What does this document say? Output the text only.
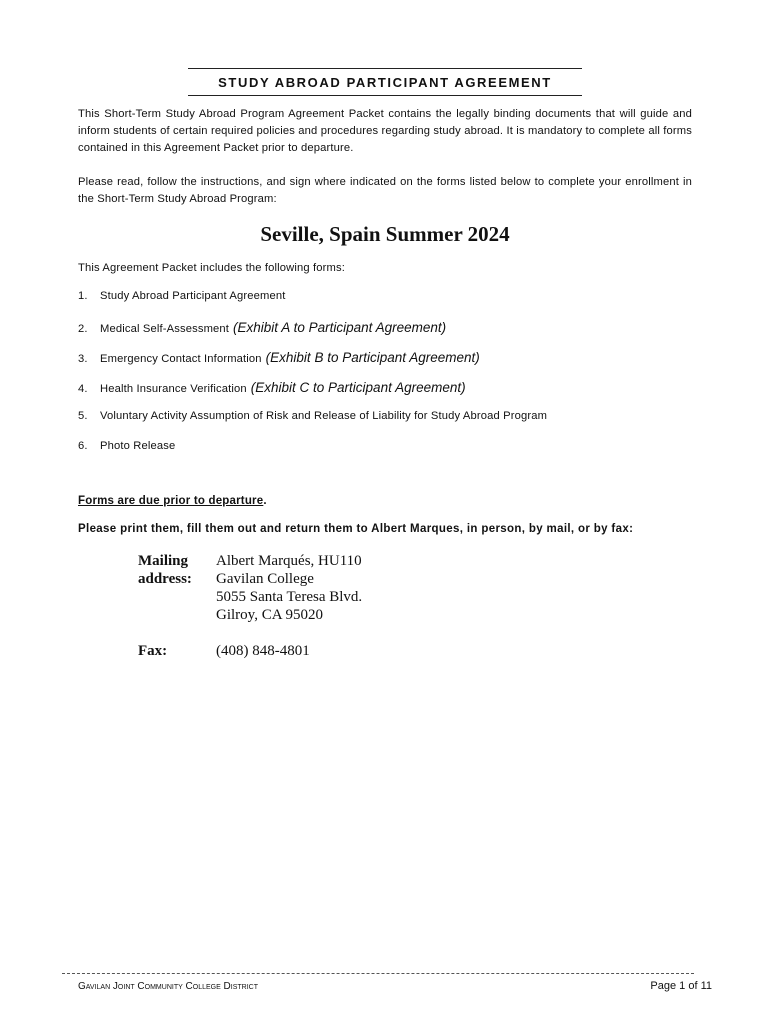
STUDY ABROAD PARTICIPANT AGREEMENT

This Short-Term Study Abroad Program Agreement Packet contains the legally binding documents that will guide and inform students of certain required policies and procedures regarding study abroad. It is mandatory to complete all forms contained in this Agreement Packet prior to departure.

Please read, follow the instructions, and sign where indicated on the forms listed below to complete your enrollment in the Short-Term Study Abroad Program:

Seville, Spain Summer 2024
This Agreement Packet includes the following forms:
1.	Study Abroad Participant Agreement
2.	Medical Self-Assessment (Exhibit A to Participant Agreement)
3.	Emergency Contact Information (Exhibit B to Participant Agreement)
4.	Health Insurance Verification (Exhibit C to Participant Agreement)
5.	Voluntary Activity Assumption of Risk and Release of Liability for Study Abroad Program
6.	Photo Release
Forms are due prior to departure.
Please print them, fill them out and return them to Albert Marques, in person, by mail, or by fax:
Mailing
address:
Albert Marqués, HU110
Gavilan College
5055 Santa Teresa Blvd.
Gilroy, CA 95020
Fax:	(408) 848-4801
Gavilan Joint Community College District	Page 1 of 11
